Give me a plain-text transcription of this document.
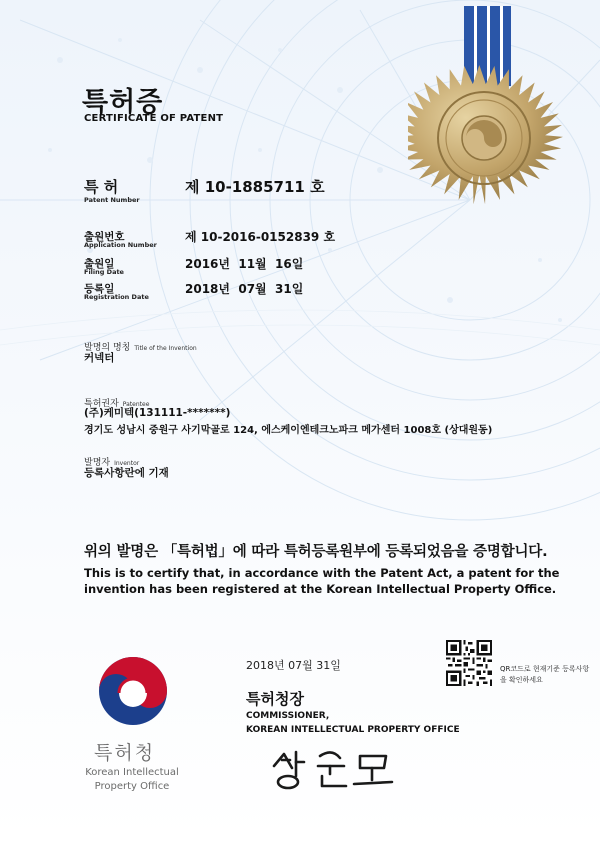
특허증
CERTIFICATE OF PATENT
특 허
Patent Number
제 10-1885711 호
출원번호
Application Number
제 10-2016-0152839 호
출원일
Filing Date
2016년  11월  16일
등록일
Registration Date
2018년  07월  31일
발명의 명칭 Title of the Invention
커넥터
특허권자 Patentee
(주)케미텍(131111-*******)
경기도 성남시 중원구 사기막골로 124, 에스케이엔테크노파크 메가센터 1008호 (상대원동)
발명자 Inventor
등록사항란에 기재
위의 발명은 「특허법」에 따라 특허등록원부에 등록되었음을 증명합니다.
This is to certify that, in accordance with the Patent Act, a patent for the invention has been registered at the Korean Intellectual Property Office.
2018년 07월 31일
특허청장
COMMISSIONER,
KOREAN INTELLECTUAL PROPERTY OFFICE
QR코드로 현재기준 등록사항을 확인하세요
특허청
Korean Intellectual Property Office
